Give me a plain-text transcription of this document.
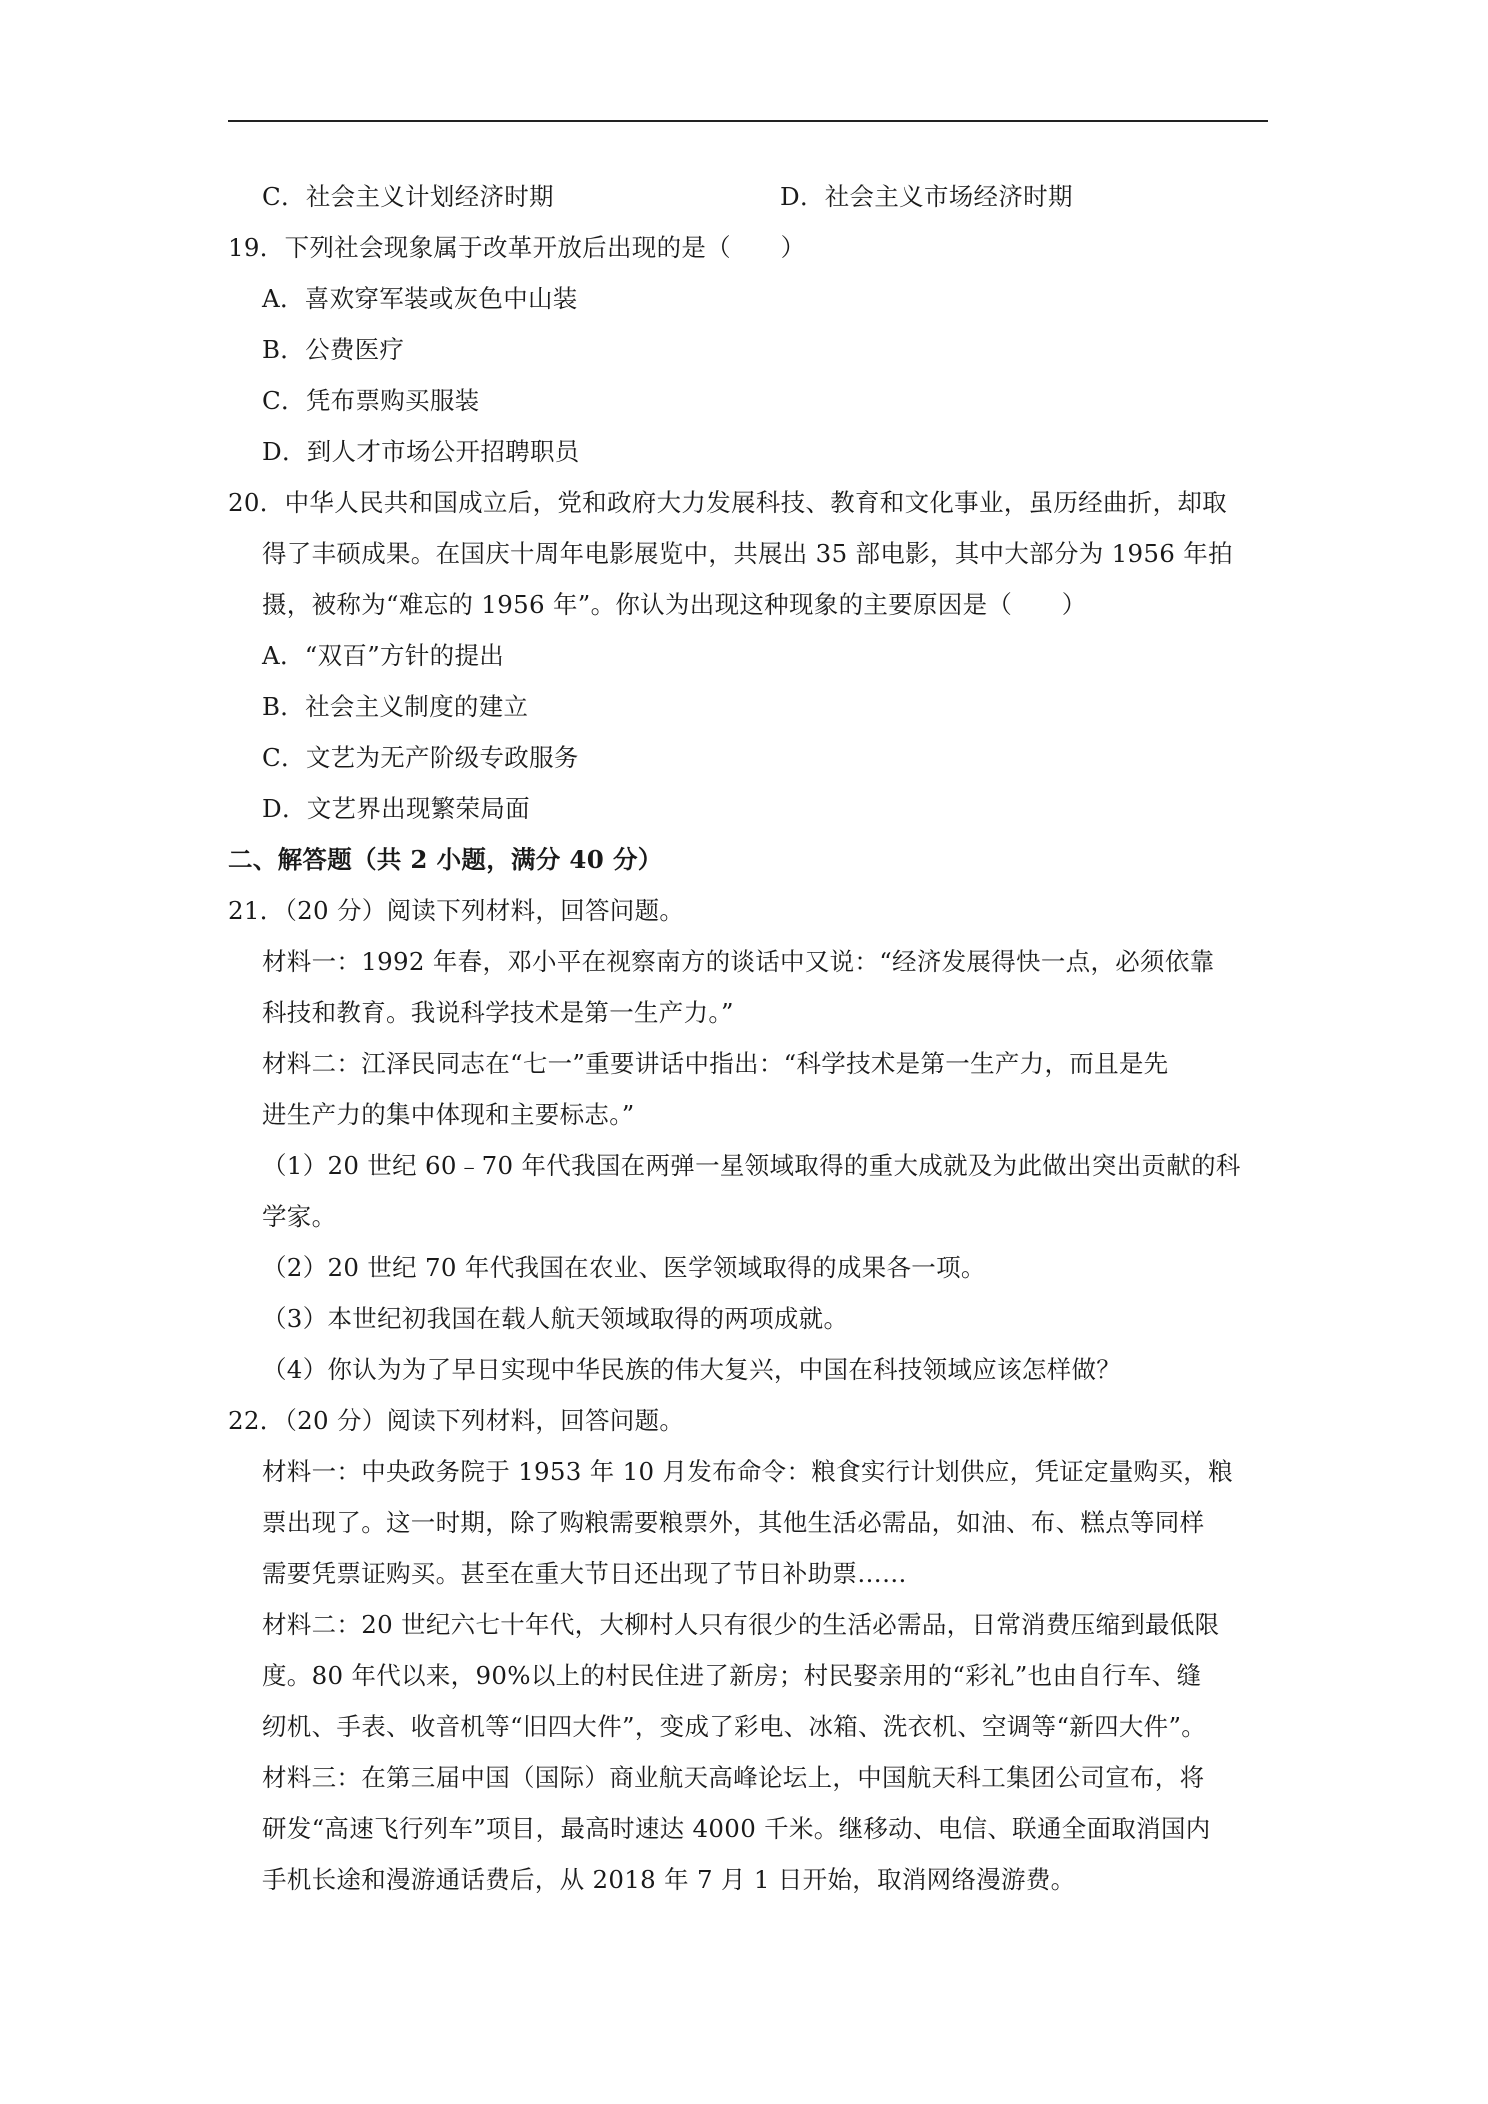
C．社会主义计划经济时期	D．社会主义市场经济时期
19．下列社会现象属于改革开放后出现的是（　　）
A．喜欢穿军装或灰色中山装
B．公费医疗
C．凭布票购买服装
D．到人才市场公开招聘职员
20．中华人民共和国成立后，党和政府大力发展科技、教育和文化事业，虽历经曲折，却取
得了丰硕成果。在国庆十周年电影展览中，共展出 35 部电影，其中大部分为 1956 年拍
摄，被称为“难忘的 1956 年”。你认为出现这种现象的主要原因是（　　）
A．“双百”方针的提出
B．社会主义制度的建立
C．文艺为无产阶级专政服务
D．文艺界出现繁荣局面
二、解答题（共 2 小题，满分 40 分）
21．（20 分）阅读下列材料，回答问题。
材料一：1992 年春，邓小平在视察南方的谈话中又说：“经济发展得快一点，必须依靠
科技和教育。我说科学技术是第一生产力。”
材料二：江泽民同志在“七一”重要讲话中指出：“科学技术是第一生产力，而且是先
进生产力的集中体现和主要标志。”
（1）20 世纪 60﹣70 年代我国在两弹一星领域取得的重大成就及为此做出突出贡献的科
学家。
（2）20 世纪 70 年代我国在农业、医学领域取得的成果各一项。
（3）本世纪初我国在载人航天领域取得的两项成就。
（4）你认为为了早日实现中华民族的伟大复兴，中国在科技领域应该怎样做？
22．（20 分）阅读下列材料，回答问题。
材料一：中央政务院于 1953 年 10 月发布命令：粮食实行计划供应，凭证定量购买，粮
票出现了。这一时期，除了购粮需要粮票外，其他生活必需品，如油、布、糕点等同样
需要凭票证购买。甚至在重大节日还出现了节日补助票……
材料二：20 世纪六七十年代，大柳村人只有很少的生活必需品，日常消费压缩到最低限
度。80 年代以来，90%以上的村民住进了新房；村民娶亲用的“彩礼”也由自行车、缝
纫机、手表、收音机等“旧四大件”，变成了彩电、冰箱、洗衣机、空调等“新四大件”。
材料三：在第三届中国（国际）商业航天高峰论坛上，中国航天科工集团公司宣布，将
研发“高速飞行列车”项目，最高时速达 4000 千米。继移动、电信、联通全面取消国内
手机长途和漫游通话费后，从 2018 年 7 月 1 日开始，取消网络漫游费。
